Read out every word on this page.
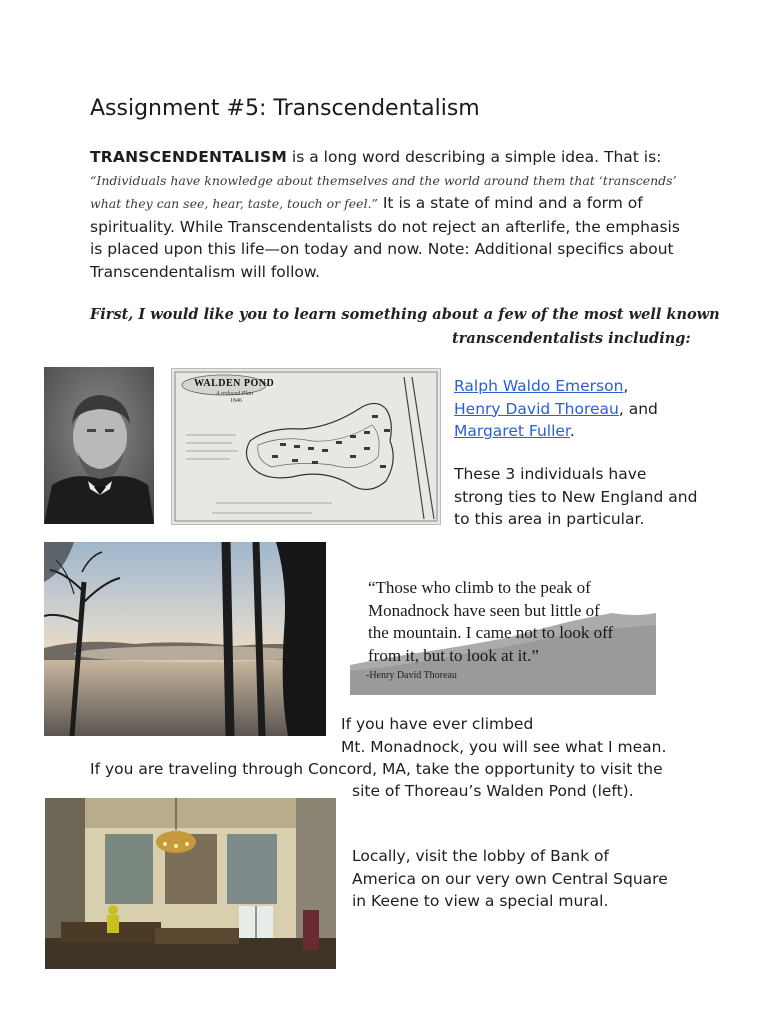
Assignment #5: Transcendentalism
TRANSCENDENTALISM is a long word describing a simple idea. That is: “Individuals have knowledge about themselves and the world around them that ‘transcends’ what they can see, hear, taste, touch or feel.” It is a state of mind and a form of spirituality. While Transcendentalists do not reject an afterlife, the emphasis is placed upon this life—on today and now. Note: Additional specifics about Transcendentalism will follow.
First, I would like you to learn something about a few of the most well known
transcendentalists including:
WALDEN POND
A reduced Plan
1846
Ralph Waldo Emerson,
Henry David Thoreau, and
Margaret Fuller.
These 3 individuals have strong ties to New England and to this area in particular.
“Those who climb to the peak of
Monadnock have seen but little of
the mountain. I came not to look off
from it, but to look at it.”
-Henry David Thoreau
If you have ever climbed
Mt. Monadnock, you will see what I mean.
If you are traveling through Concord, MA, take the opportunity to visit the
site of Thoreau’s Walden Pond (left).
Locally, visit the lobby of Bank of America on our very own Central Square in Keene to view a special mural.
